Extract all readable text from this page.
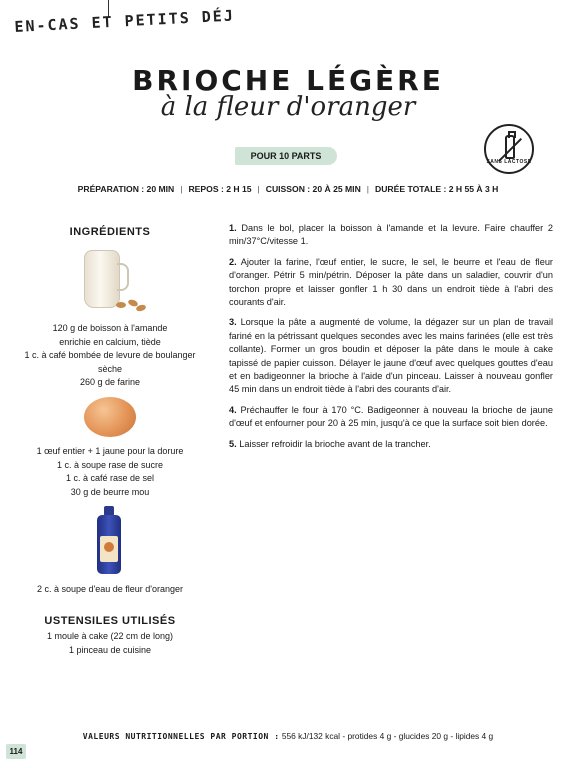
EN-CAS ET PETITS DÉJ
BRIOCHE LÉGÈRE
à la fleur d'oranger
SANS LACTOSE
POUR 10 PARTS
PRÉPARATION : 20 MIN | REPOS : 2 H 15 | CUISSON : 20 À 25 MIN | DURÉE TOTALE : 2 H 55 À 3 H
INGRÉDIENTS
120 g de boisson à l'amande
enrichie en calcium, tiède
1 c. à café bombée de levure de boulanger
sèche
260 g de farine
1 œuf entier + 1 jaune pour la dorure
1 c. à soupe rase de sucre
1 c. à café rase de sel
30 g de beurre mou
2 c. à soupe d'eau de fleur d'oranger
USTENSILES UTILISÉS
1 moule à cake (22 cm de long)
1 pinceau de cuisine

1. Dans le bol, placer la boisson à l'amande et la levure. Faire chauffer 2 min/37°C/vitesse 1.

2. Ajouter la farine, l'œuf entier, le sucre, le sel, le beurre et l'eau de fleur d'oranger. Pétrir 5 min/pétrin. Déposer la pâte dans un saladier, couvrir d'un torchon propre et laisser gonfler 1 h 30 dans un endroit tiède à l'abri des courants d'air.

3. Lorsque la pâte a augmenté de volume, la dégazer sur un plan de travail fariné en la pétrissant quelques secondes avec les mains farinées (elle est très collante). Former un gros boudin et déposer la pâte dans le moule à cake tapissé de papier cuisson. Délayer le jaune d'œuf avec quelques gouttes d'eau et en badigeonner la brioche à l'aide d'un pinceau. Laisser à nouveau gonfler 45 min dans un endroit tiède à l'abri des courants d'air.

4. Préchauffer le four à 170 °C. Badigeonner à nouveau la brioche de jaune d'œuf et enfourner pour 20 à 25 min, jusqu'à ce que la surface soit bien dorée.

5. Laisser refroidir la brioche avant de la trancher.

VALEURS NUTRITIONNELLES PAR PORTION : 556 kJ/132 kcal - protides 4 g - glucides 20 g - lipides 4 g
114
